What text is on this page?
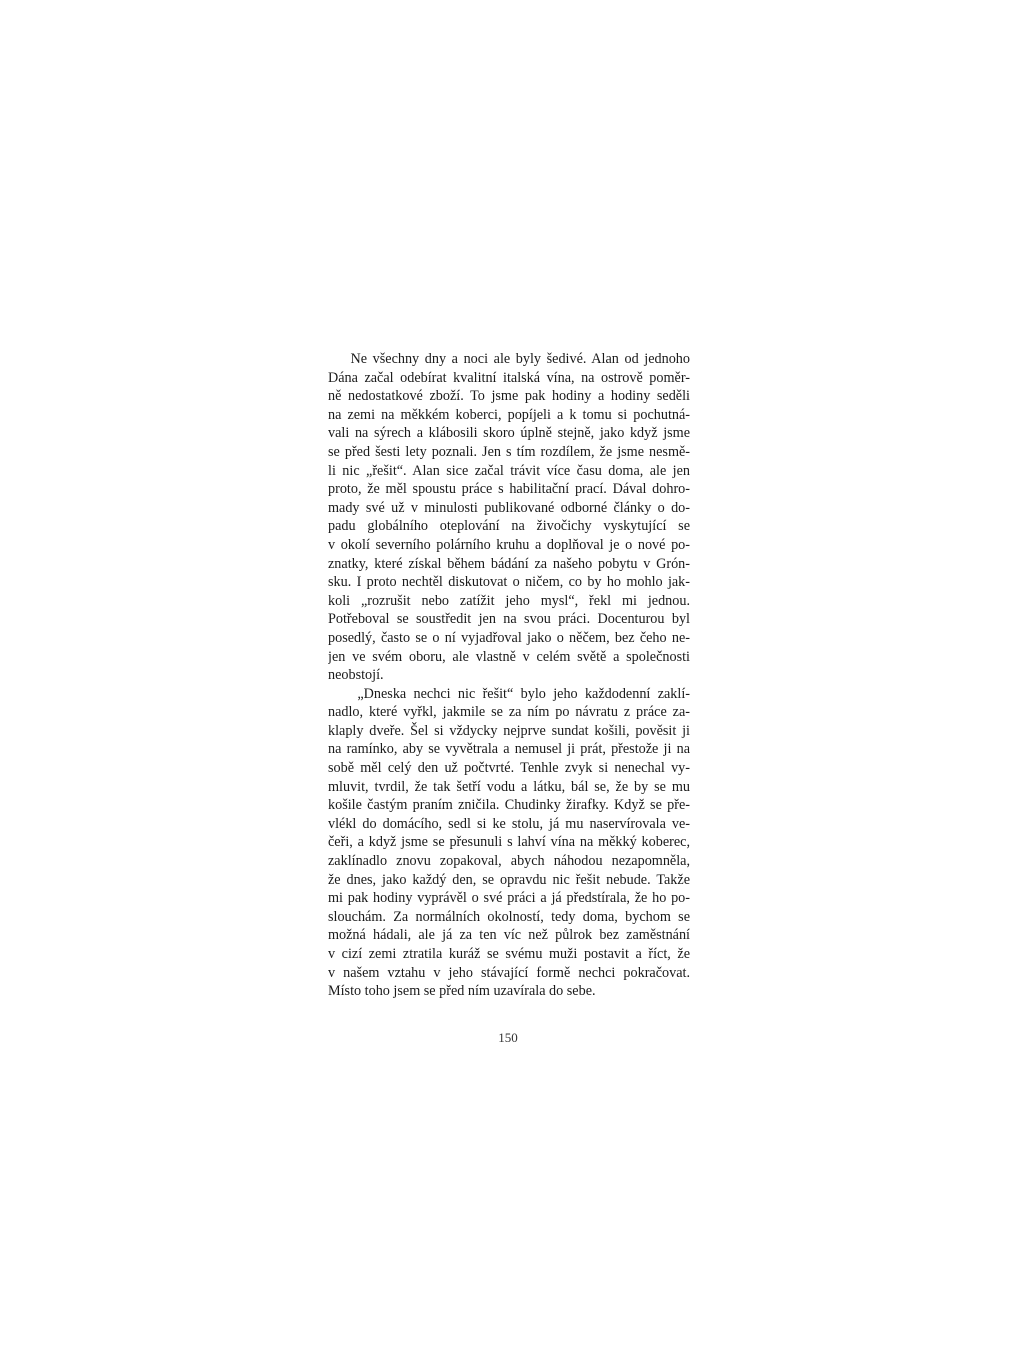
Ne všechny dny a noci ale byly šedivé. Alan od jednoho
Dána začal odebírat kvalitní italská vína, na ostrově poměr-
ně nedostatkové zboží. To jsme pak hodiny a hodiny seděli
na zemi na měkkém koberci, popíjeli a k tomu si pochutná-
vali na sýrech a klábosili skoro úplně stejně, jako když jsme
se před šesti lety poznali. Jen s tím rozdílem, že jsme nesmě-
li nic „řešit“. Alan sice začal trávit více času doma, ale jen
proto, že měl spoustu práce s habilitační prací. Dával dohro-
mady své už v minulosti publikované odborné články o do-
padu globálního oteplování na živočichy vyskytující se
v okolí severního polárního kruhu a doplňoval je o nové po-
znatky, které získal během bádání za našeho pobytu v Grón-
sku. I proto nechtěl diskutovat o ničem, co by ho mohlo jak-
koli „rozrušit nebo zatížit jeho mysl“, řekl mi jednou.
Potřeboval se soustředit jen na svou práci. Docenturou byl
posedlý, často se o ní vyjadřoval jako o něčem, bez čeho ne-
jen ve svém oboru, ale vlastně v celém světě a společnosti
neobstojí.
„Dneska nechci nic řešit“ bylo jeho každodenní zaklí-
nadlo, které vyřkl, jakmile se za ním po návratu z práce za-
klaply dveře. Šel si vždycky nejprve sundat košili, pověsit ji
na ramínko, aby se vyvětrala a nemusel ji prát, přestože ji na
sobě měl celý den už počtvrté. Tenhle zvyk si nenechal vy-
mluvit, tvrdil, že tak šetří vodu a látku, bál se, že by se mu
košile častým praním zničila. Chudinky žirafky. Když se pře-
vlékl do domácího, sedl si ke stolu, já mu naservírovala ve-
čeři, a když jsme se přesunuli s lahví vína na měkký koberec,
zaklínadlo znovu zopakoval, abych náhodou nezapomněla,
že dnes, jako každý den, se opravdu nic řešit nebude. Takže
mi pak hodiny vyprávěl o své práci a já předstírala, že ho po-
slouchám. Za normálních okolností, tedy doma, bychom se
možná hádali, ale já za ten víc než půlrok bez zaměstnání
v cizí zemi ztratila kuráž se svému muži postavit a říct, že
v našem vztahu v jeho stávající formě nechci pokračovat.
Místo toho jsem se před ním uzavírala do sebe.
150
